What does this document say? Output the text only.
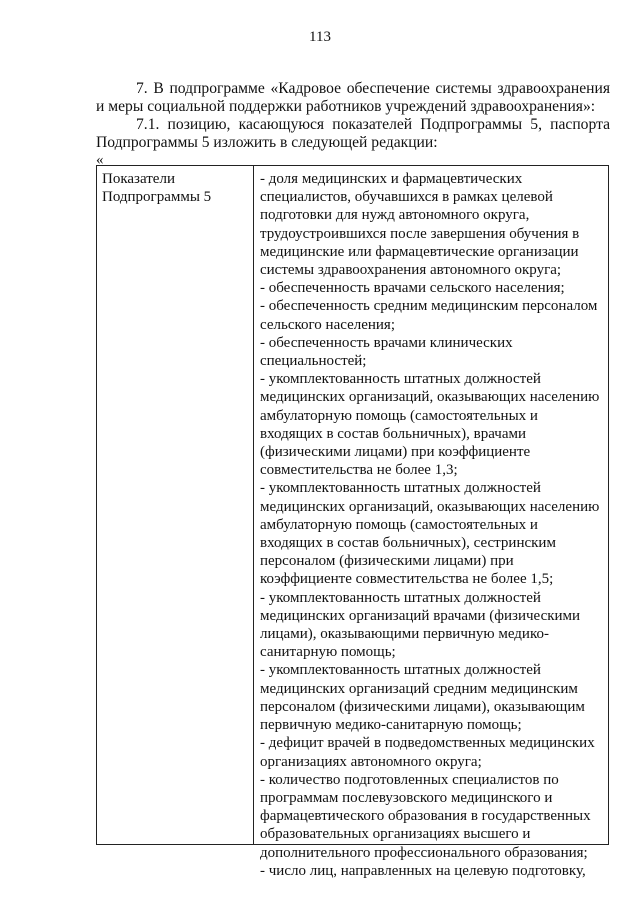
113
7. В подпрограмме «Кадровое обеспечение системы здравоохранения и меры социальной поддержки работников учреждений здравоохранения»:
7.1. позицию, касающуюся показателей Подпрограммы 5, паспорта Подпрограммы 5 изложить в следующей редакции:
«
Показатели
Подпрограммы 5
- доля медицинских и фармацевтических
специалистов, обучавшихся в рамках целевой
подготовки для нужд автономного округа,
трудоустроившихся после завершения обучения в
медицинские или фармацевтические организации
системы здравоохранения автономного округа;
- обеспеченность врачами сельского населения;
- обеспеченность средним медицинским персоналом
сельского населения;
- обеспеченность врачами клинических
специальностей;
- укомплектованность штатных должностей
медицинских организаций, оказывающих населению
амбулаторную помощь (самостоятельных и
входящих в состав больничных), врачами
(физическими лицами) при коэффициенте
совместительства не более 1,3;
- укомплектованность штатных должностей
медицинских организаций, оказывающих населению
амбулаторную помощь (самостоятельных и
входящих в состав больничных), сестринским
персоналом (физическими лицами) при
коэффициенте совместительства не более 1,5;
- укомплектованность штатных должностей
медицинских организаций врачами (физическими
лицами), оказывающими первичную медико-
санитарную помощь;
- укомплектованность штатных должностей
медицинских организаций средним медицинским
персоналом (физическими лицами), оказывающим
первичную медико-санитарную помощь;
- дефицит врачей в подведомственных медицинских
организациях автономного округа;
- количество подготовленных специалистов по
программам послевузовского медицинского и
фармацевтического образования в государственных
образовательных организациях высшего и
дополнительного профессионального образования;
- число лиц, направленных на целевую подготовку,
